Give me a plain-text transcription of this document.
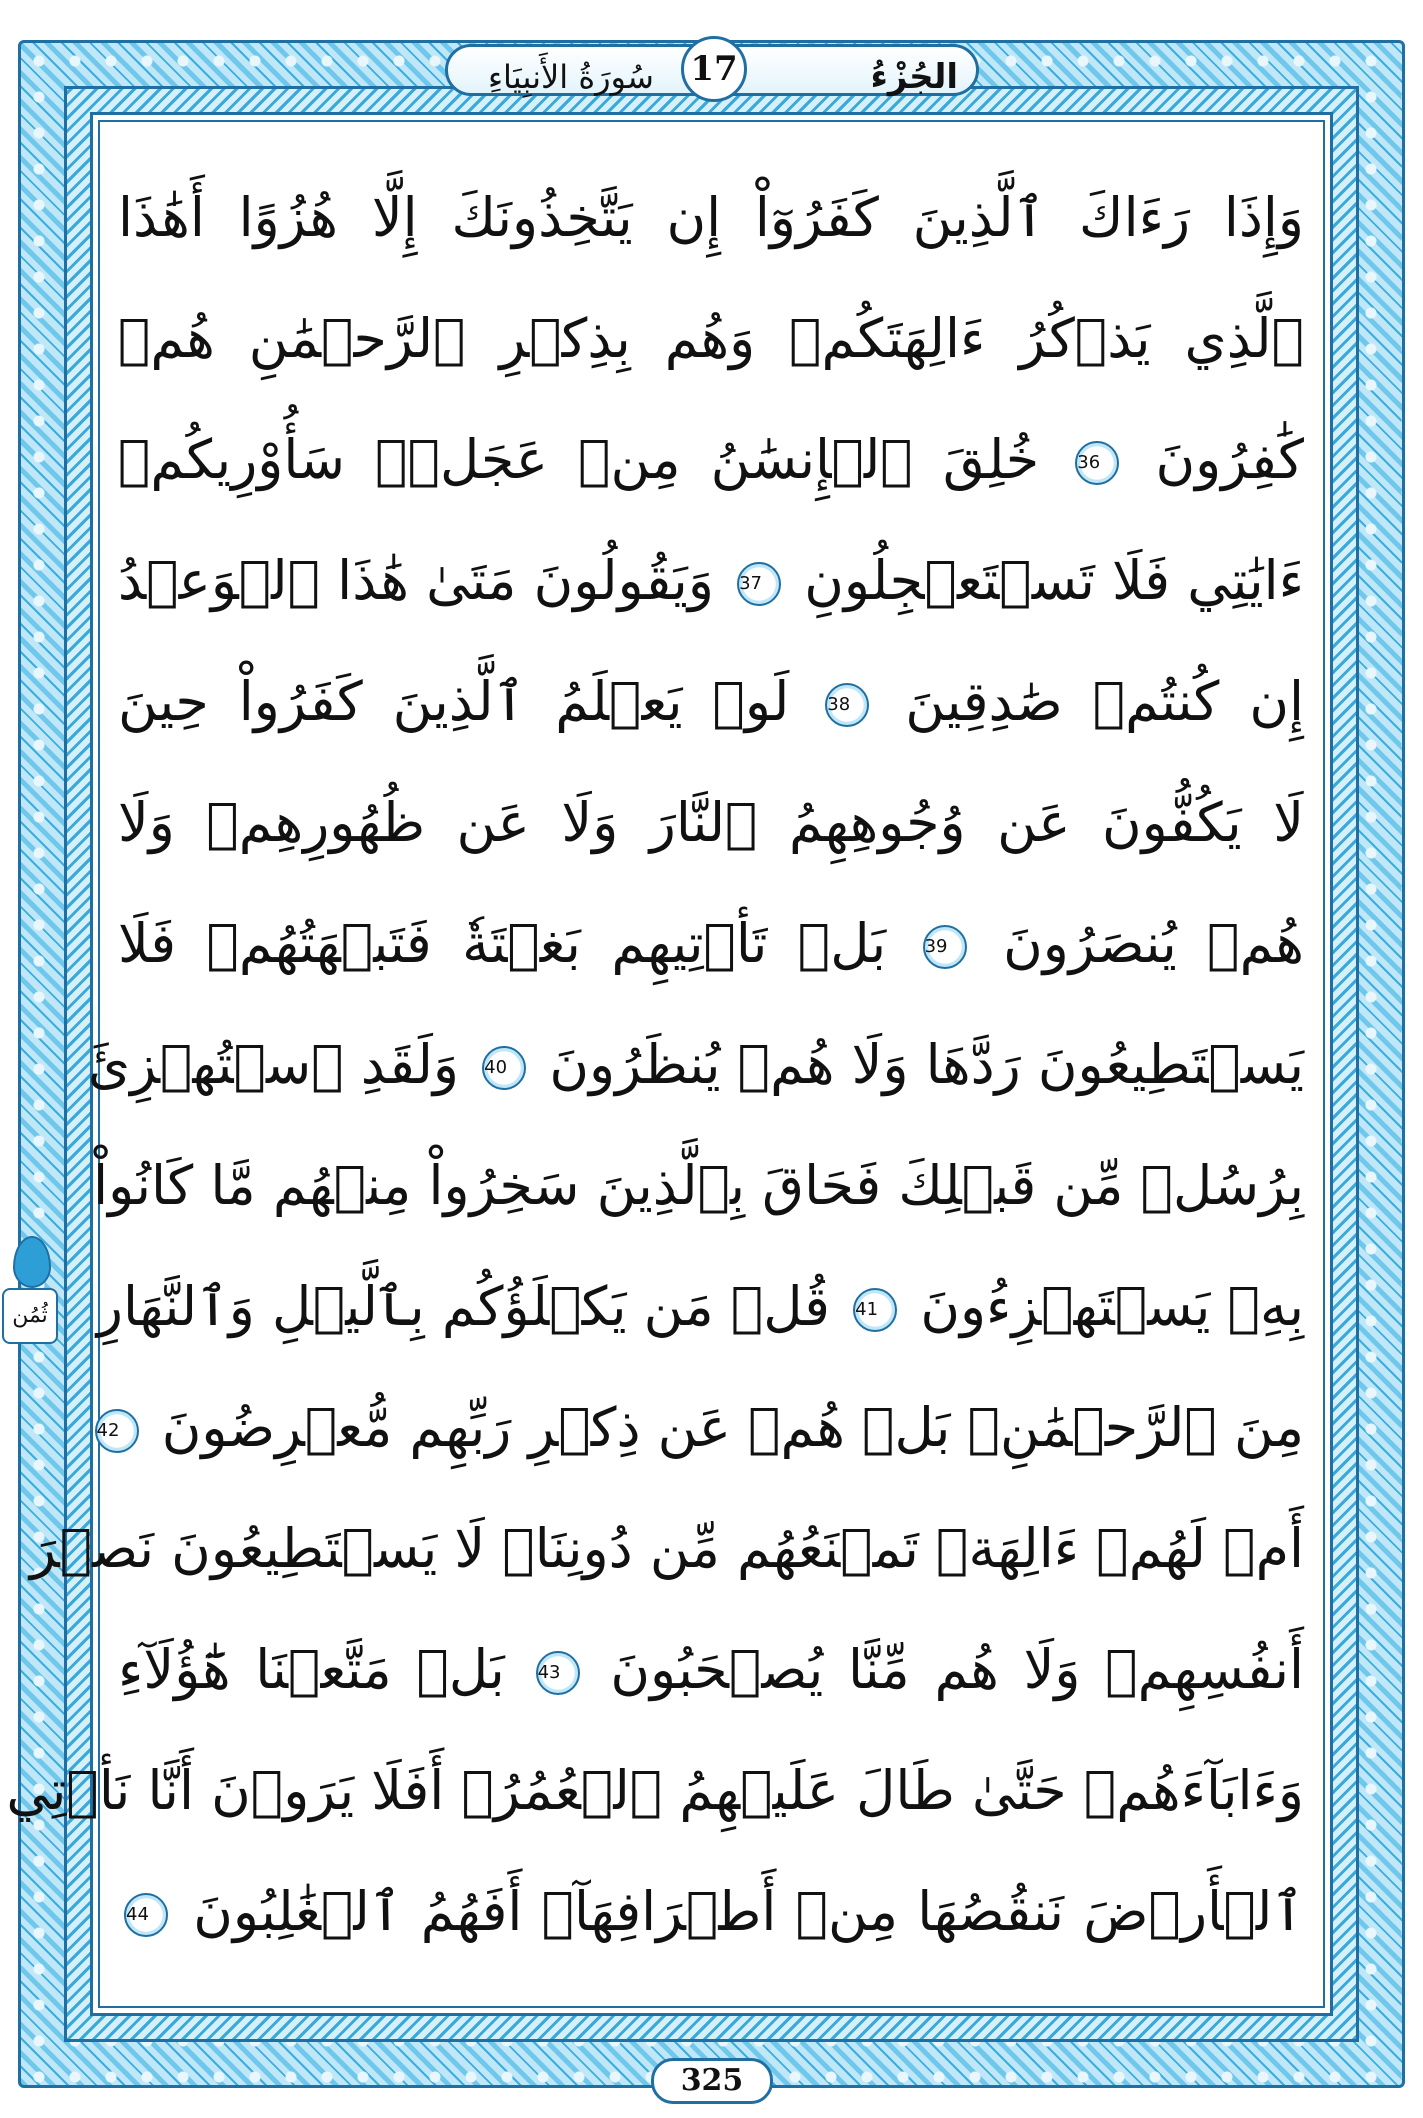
الجُزْءُ
سُورَةُ الأَنبِيَاءِ 17
وَإِذَا رَءَاكَ ٱلَّذِينَ كَفَرُوٓاْ إِن يَتَّخِذُونَكَ إِلَّا هُزُوًا أَهَٰذَا
ٱلَّذِي يَذۡكُرُ ءَالِهَتَكُمۡ وَهُم بِذِكۡرِ ٱلرَّحۡمَٰنِ هُمۡ
كَٰفِرُونَ 36 خُلِقَ ٱلۡإِنسَٰنُ مِنۡ عَجَلٖۚ سَأُوْرِيكُمۡ
ءَايَٰتِي فَلَا تَسۡتَعۡجِلُونِ 37 وَيَقُولُونَ مَتَىٰ هَٰذَا ٱلۡوَعۡدُ
إِن كُنتُمۡ صَٰدِقِينَ 38 لَوۡ يَعۡلَمُ ٱلَّذِينَ كَفَرُواْ حِينَ
لَا يَكُفُّونَ عَن وُجُوهِهِمُ ٱلنَّارَ وَلَا عَن ظُهُورِهِمۡ وَلَا
هُمۡ يُنصَرُونَ 39 بَلۡ تَأۡتِيهِم بَغۡتَةٗ فَتَبۡهَتُهُمۡ فَلَا
يَسۡتَطِيعُونَ رَدَّهَا وَلَا هُمۡ يُنظَرُونَ 40 وَلَقَدِ ٱسۡتُهۡزِئَ
بِرُسُلٖ مِّن قَبۡلِكَ فَحَاقَ بِٱلَّذِينَ سَخِرُواْ مِنۡهُم مَّا كَانُواْ
بِهِۦ يَسۡتَهۡزِءُونَ 41 قُلۡ مَن يَكۡلَؤُكُم بِٱلَّيۡلِ وَٱلنَّهَارِ
مِنَ ٱلرَّحۡمَٰنِۚ بَلۡ هُمۡ عَن ذِكۡرِ رَبِّهِم مُّعۡرِضُونَ 42
أَمۡ لَهُمۡ ءَالِهَةٞ تَمۡنَعُهُم مِّن دُونِنَاۚ لَا يَسۡتَطِيعُونَ نَصۡرَ
أَنفُسِهِمۡ وَلَا هُم مِّنَّا يُصۡحَبُونَ 43 بَلۡ مَتَّعۡنَا هَٰٓؤُلَآءِ
وَءَابَآءَهُمۡ حَتَّىٰ طَالَ عَلَيۡهِمُ ٱلۡعُمُرُۗ أَفَلَا يَرَوۡنَ أَنَّا نَأۡتِي
ٱلۡأَرۡضَ نَنقُصُهَا مِنۡ أَطۡرَافِهَآۚ أَفَهُمُ ٱلۡغَٰلِبُونَ 44
ثُمُن
325
